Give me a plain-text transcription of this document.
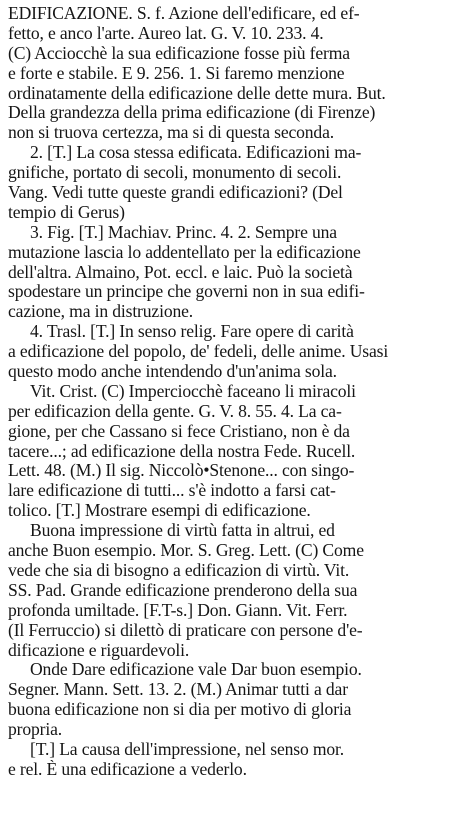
EDIFICAZIONE. S. f. Azione dell'edificare, ed ef-
fetto, e anco l'arte. Aureo lat. G. V. 10. 233. 4.
(C) Acciocchè la sua edificazione fosse più ferma
e forte e stabile. E 9. 256. 1. Si faremo menzione
ordinatamente della edificazione delle dette mura. But.
Della grandezza della prima edificazione (di Firenze)
non si truova certezza, ma si di questa seconda.
2. [T.] La cosa stessa edificata. Edificazioni ma-
gnifiche, portato di secoli, monumento di secoli.
Vang. Vedi tutte queste grandi edificazioni? (Del
tempio di Gerus)
3. Fig. [T.] Machiav. Princ. 4. 2. Sempre una
mutazione lascia lo addentellato per la edificazione
dell'altra. Almaino, Pot. eccl. e laic. Può la società
spodestare un principe che governi non in sua edifi-
cazione, ma in distruzione.
4. Trasl. [T.] In senso relig. Fare opere di carità
a edificazione del popolo, de' fedeli, delle anime. Usasi
questo modo anche intendendo d'un'anima sola.
Vit. Crist. (C) Imperciocchè faceano li miracoli
per edificazion della gente. G. V. 8. 55. 4. La ca-
gione, per che Cassano si fece Cristiano, non è da
tacere...; ad edificazione della nostra Fede. Rucell.
Lett. 48. (M.) Il sig. Niccolò•Stenone... con singo-
lare edificazione di tutti... s'è indotto a farsi cat-
tolico. [T.] Mostrare esempi di edificazione.
Buona impressione di virtù fatta in altrui, ed
anche Buon esempio. Mor. S. Greg. Lett. (C) Come
vede che sia di bisogno a edificazion di virtù. Vit.
SS. Pad. Grande edificazione prenderono della sua
profonda umiltade. [F.T-s.] Don. Giann. Vit. Ferr.
(Il Ferruccio) si dilettò di praticare con persone d'e-
dificazione e riguardevoli.
Onde Dare edificazione vale Dar buon esempio.
Segner. Mann. Sett. 13. 2. (M.) Animar tutti a dar
buona edificazione non si dia per motivo di gloria
propria.
[T.] La causa dell'impressione, nel senso mor.
e rel. È una edificazione a vederlo.
